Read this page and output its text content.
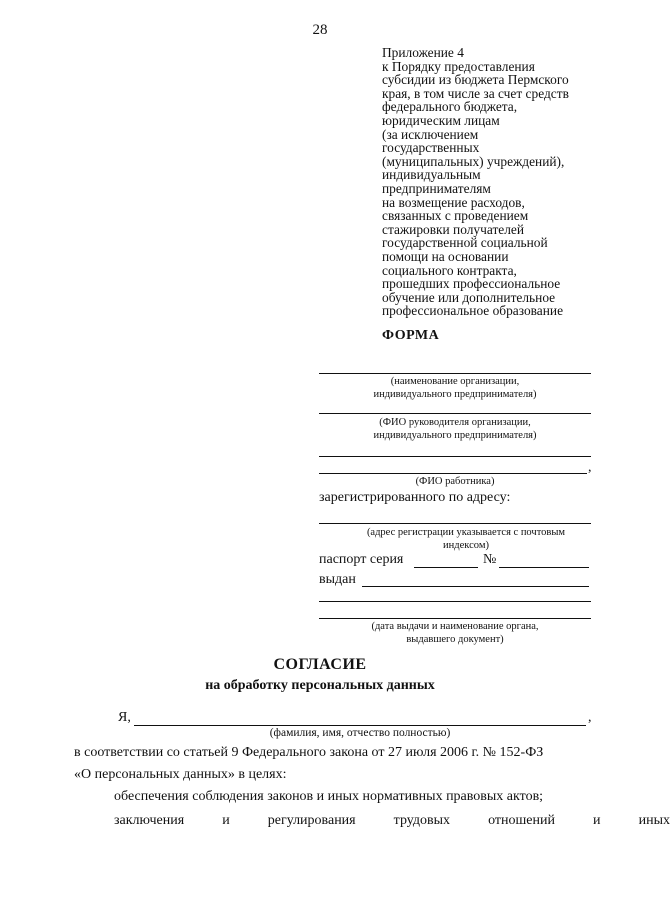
28
Приложение 4
к Порядку предоставления
субсидии из бюджета Пермского
края, в том числе за счет средств
федерального бюджета,
юридическим лицам
(за исключением
государственных
(муниципальных) учреждений),
индивидуальным
предпринимателям
на возмещение расходов,
связанных с проведением
стажировки получателей
государственной социальной
помощи на основании
социального контракта,
прошедших профессиональное
обучение или дополнительное
профессиональное образование
ФОРМА
(наименование организации,
индивидуального предпринимателя)
(ФИО руководителя организации,
индивидуального предпринимателя)
,
(ФИО работника)
зарегистрированного по адресу:
(адрес регистрации указывается с почтовым
индексом)
паспорт серия	№
выдан
(дата выдачи и наименование органа,
выдавшего документ)
СОГЛАСИЕ
на обработку персональных данных
Я,	,
(фамилия, имя, отчество полностью)
в соответствии со статьей 9 Федерального закона от 27 июля 2006 г. № 152-ФЗ
«О персональных данных» в целях:
обеспечения соблюдения законов и иных нормативных правовых актов;
заключения	и	регулирования	трудовых	отношений	и	иных
